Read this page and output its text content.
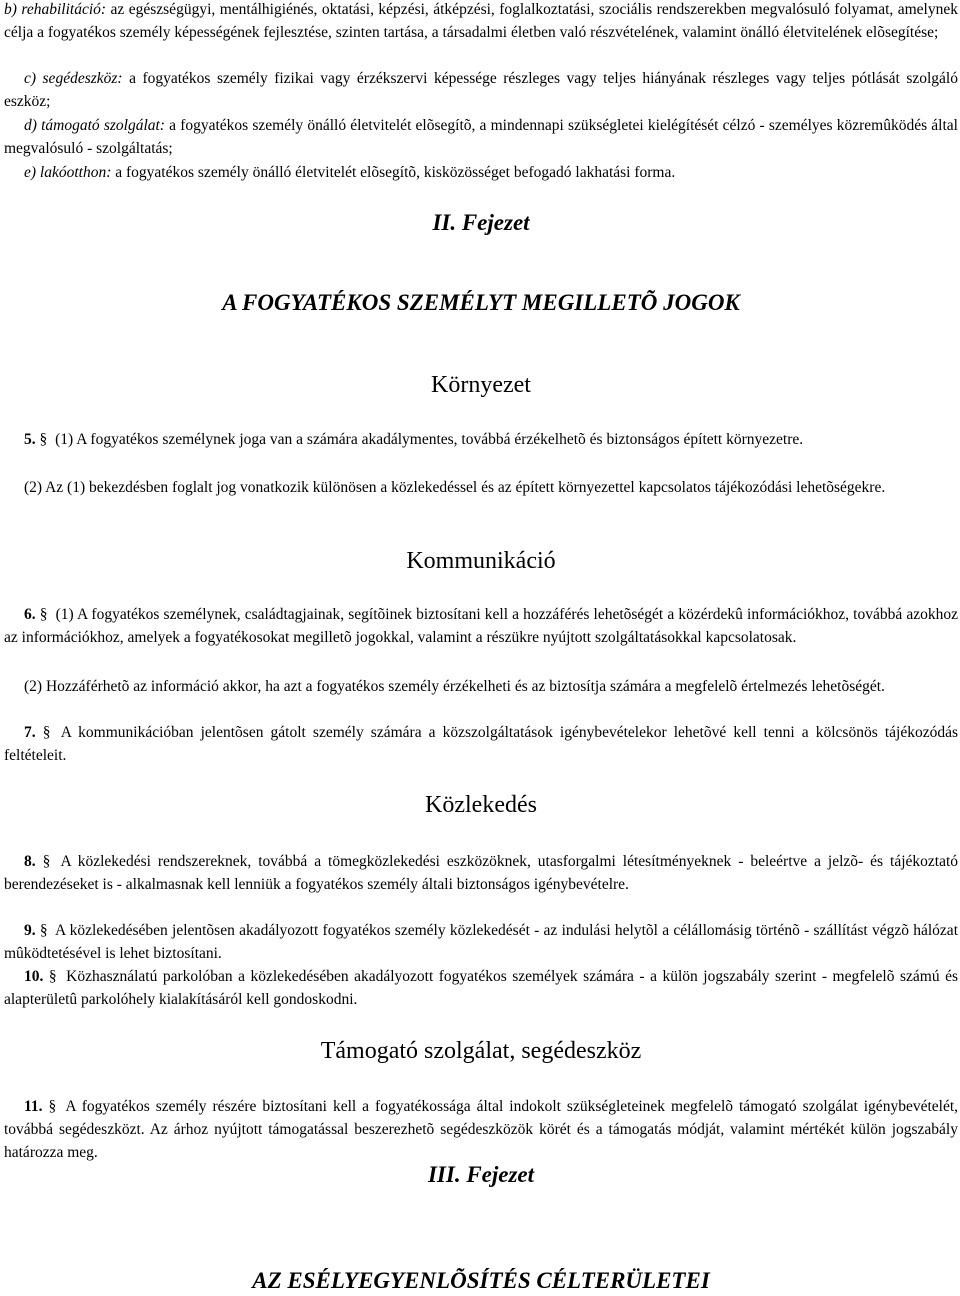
b) rehabilitáció: az egészségügyi, mentálhigiénés, oktatási, képzési, átképzési, foglalkoztatási, szociális rendszerekben megvalósuló folyamat, amelynek célja a fogyatékos személy képességének fejlesztése, szinten tartása, a társadalmi életben való részvételének, valamint önálló életvitelének elõsegítése;

c) segédeszköz: a fogyatékos személy fizikai vagy érzékszervi képessége részleges vagy teljes hiányának részleges vagy teljes pótlását szolgáló eszköz;

d) támogató szolgálat: a fogyatékos személy önálló életvitelét elõsegítõ, a mindennapi szükségletei kielégítését célzó - személyes közremûködés által megvalósuló - szolgáltatás;

e) lakóotthon: a fogyatékos személy önálló életvitelét elõsegítõ, kisközösséget befogadó lakhatási forma.

II. Fejezet
A FOGYATÉKOS SZEMÉLYT MEGILLETÕ JOGOK
Környezet

5. § (1) A fogyatékos személynek joga van a számára akadálymentes, továbbá érzékelhetõ és biztonságos épített környezetre.

(2) Az (1) bekezdésben foglalt jog vonatkozik különösen a közlekedéssel és az épített környezettel kapcsolatos tájékozódási lehetõségekre.

Kommunikáció

6. § (1) A fogyatékos személynek, családtagjainak, segítõinek biztosítani kell a hozzáférés lehetõségét a közérdekû információkhoz, továbbá azokhoz az információkhoz, amelyek a fogyatékosokat megilletõ jogokkal, valamint a részükre nyújtott szolgáltatásokkal kapcsolatosak.

(2) Hozzáférhetõ az információ akkor, ha azt a fogyatékos személy érzékelheti és az biztosítja számára a megfelelõ értelmezés lehetõségét.

7. § A kommunikációban jelentõsen gátolt személy számára a közszolgáltatások igénybevételekor lehetõvé kell tenni a kölcsönös tájékozódás feltételeit.

Közlekedés

8. § A közlekedési rendszereknek, továbbá a tömegközlekedési eszközöknek, utasforgalmi létesítményeknek - beleértve a jelzõ- és tájékoztató berendezéseket is - alkalmasnak kell lenniük a fogyatékos személy általi biztonságos igénybevételre.

9. § A közlekedésében jelentõsen akadályozott fogyatékos személy közlekedését - az indulási helytõl a célállomásig történõ - szállítást végzõ hálózat mûködtetésével is lehet biztosítani.

10. § Közhasználatú parkolóban a közlekedésében akadályozott fogyatékos személyek számára - a külön jogszabály szerint - megfelelõ számú és alapterületû parkolóhely kialakításáról kell gondoskodni.

Támogató szolgálat, segédeszköz

11. § A fogyatékos személy részére biztosítani kell a fogyatékossága által indokolt szükségleteinek megfelelõ támogató szolgálat igénybevételét, továbbá segédeszközt. Az árhoz nyújtott támogatással beszerezhetõ segédeszközök körét és a támogatás módját, valamint mértékét külön jogszabály határozza meg.

III. Fejezet
AZ ESÉLYEGYENLÕSÍTÉS CÉLTERÜLETEI
